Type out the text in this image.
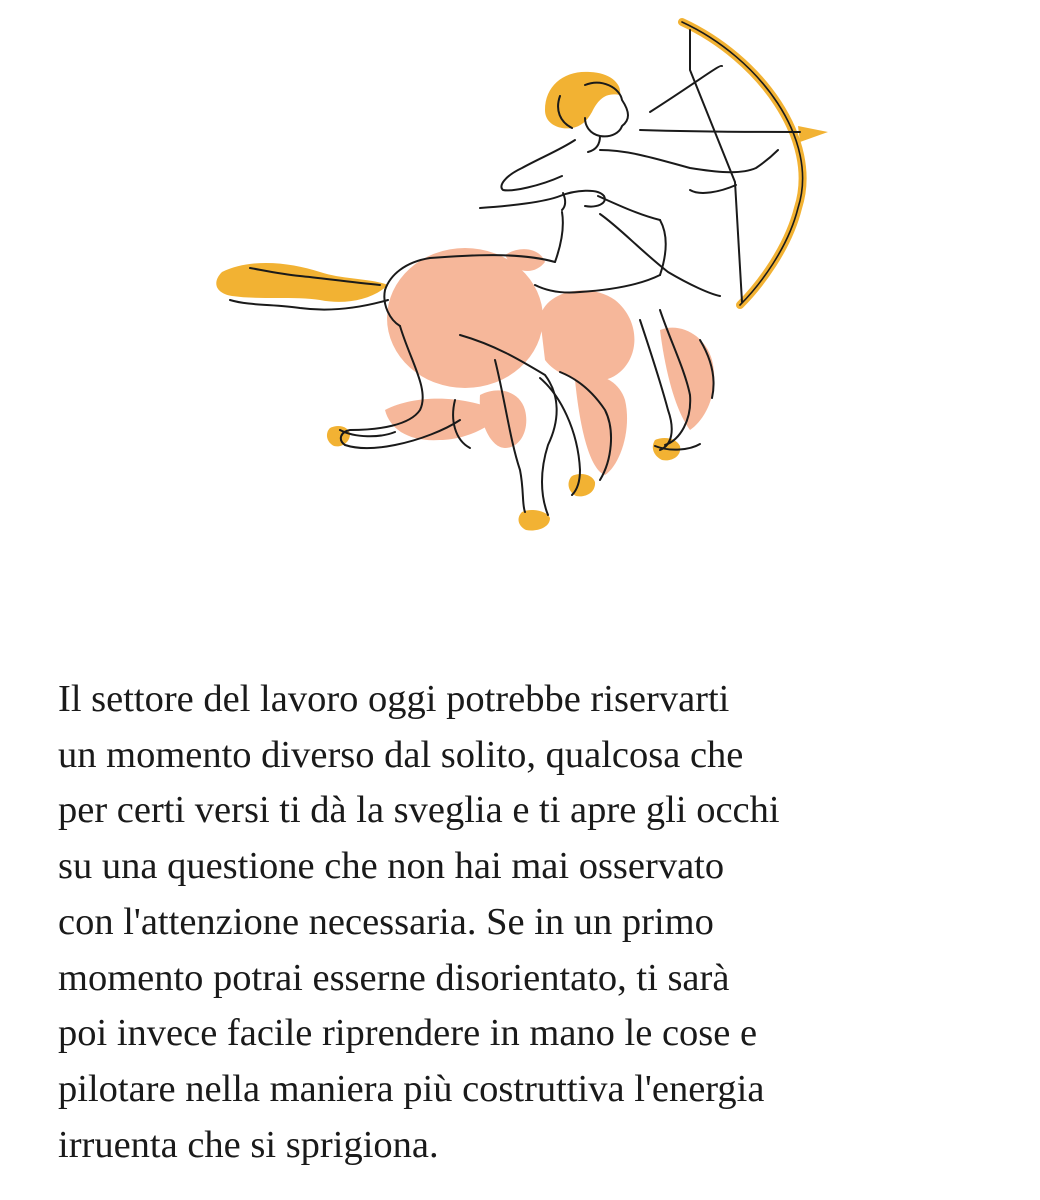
Il settore del lavoro oggi potrebbe riservarti
un momento diverso dal solito, qualcosa che
per certi versi ti dà la sveglia e ti apre gli occhi
su una questione che non hai mai osservato
con l'attenzione necessaria. Se in un primo
momento potrai esserne disorientato, ti sarà
poi invece facile riprendere in mano le cose e
pilotare nella maniera più costruttiva l'energia
irruenta che si sprigiona.
